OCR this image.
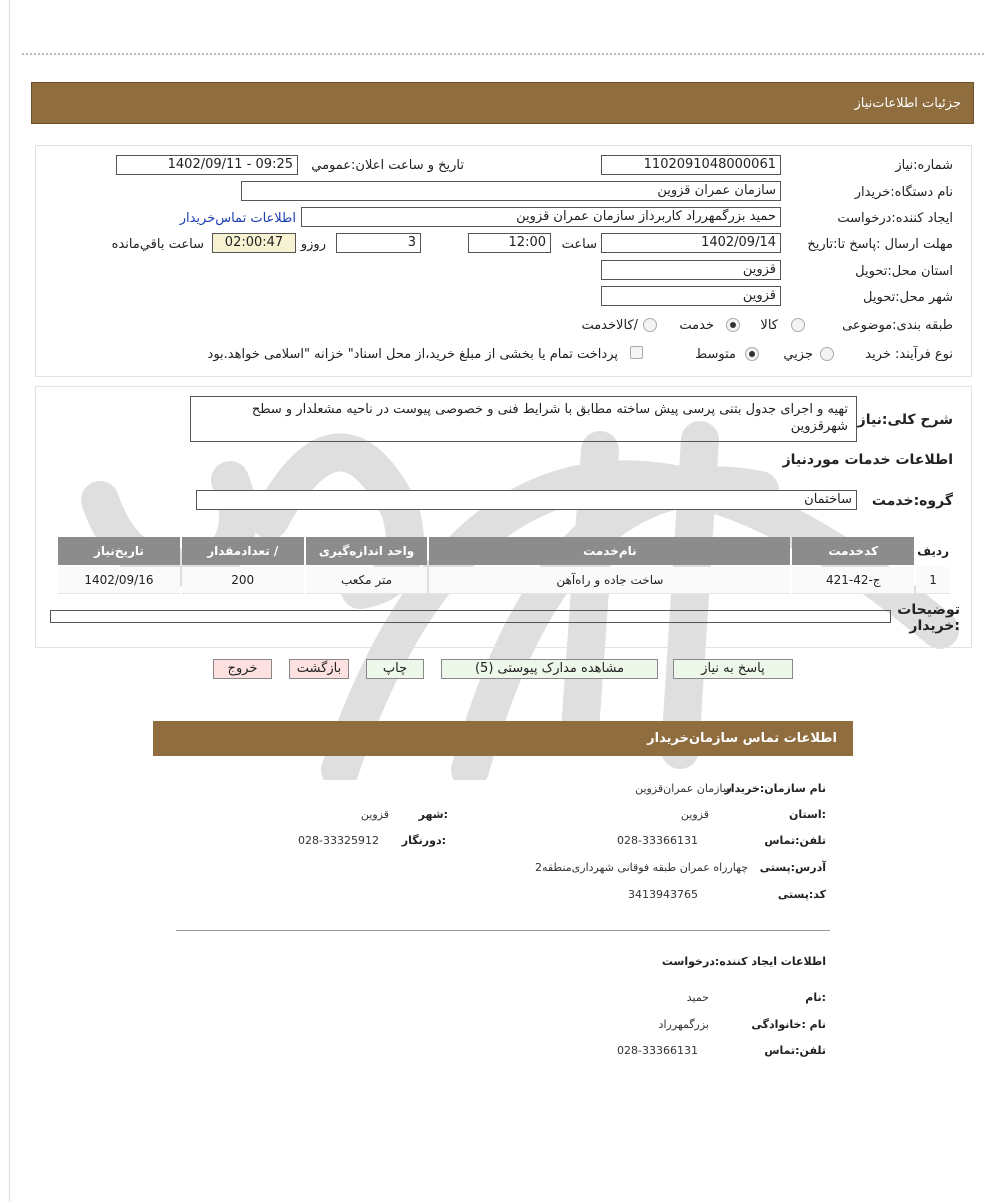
جزئیات اطلاعات‌نیاز
شماره:نیاز
1102091048000061
تاریخ و ساعت اعلان:عمومي
1402/09/11 - 09:25
نام دستگاه:خریدار
سازمان عمران قزوین
ایجاد کننده:درخواست
حمید بزرگمهرراد کاربرداز سازمان عمران قزوین
اطلاعات تماس‌خریدار
مهلت ارسال :پاسخ تا:تاریخ
1402/09/14
ساعت
12:00
3
روزو
02:00:47
ساعت باقي‌مانده
استان محل:تحویل
قزوین
شهر محل:تحویل
قزوین
طبقه بندی:موضوعی
کالا
خدمت
/کالاخدمت
نوع فرآیند: خرید
جزيي
متوسط
پرداخت تمام یا بخشی از مبلغ خرید،از محل اسناد" خزانه "اسلامی خواهد.بود
شرح کلی:نیاز
تهیه و اجرای جدول بتنی پرسی پیش ساخته مطابق با شرایط فنی و خصوصی پیوست در ناحیه مشعلدار و سطح شهرقزوین
اطلاعات خدمات موردنیاز
گروه:خدمت
ساختمان
ردیف	کدخدمت	نام‌خدمت	واحد اندازه‌گیری	/ تعدادمقدار	تاریخ‌نیاز
1	ج-42-421	ساخت جاده و راه‌آهن	متر مکعب	200	1402/09/16
توضیحات :خریدار
پاسخ به نیاز
مشاهده مدارک پیوستی (5)
چاپ
بازگشت
خروج
اطلاعات تماس سازمان‌خریدار
نام سازمان:خریدار
سازمان عمران‌قزوین
:استان
قزوین
:شهر
قزوین
تلفن:تماس
028-33366131
:دورنگار
028-33325912
آدرس:پستی
چهارراه عمران طبقه فوقانی شهرداری‌منطقه2
کد:پستی
3413943765
اطلاعات ایجاد کننده:درخواست
:نام
حمید
نام :خانوادگی
بزرگمهرراد
تلفن:تماس
028-33366131
